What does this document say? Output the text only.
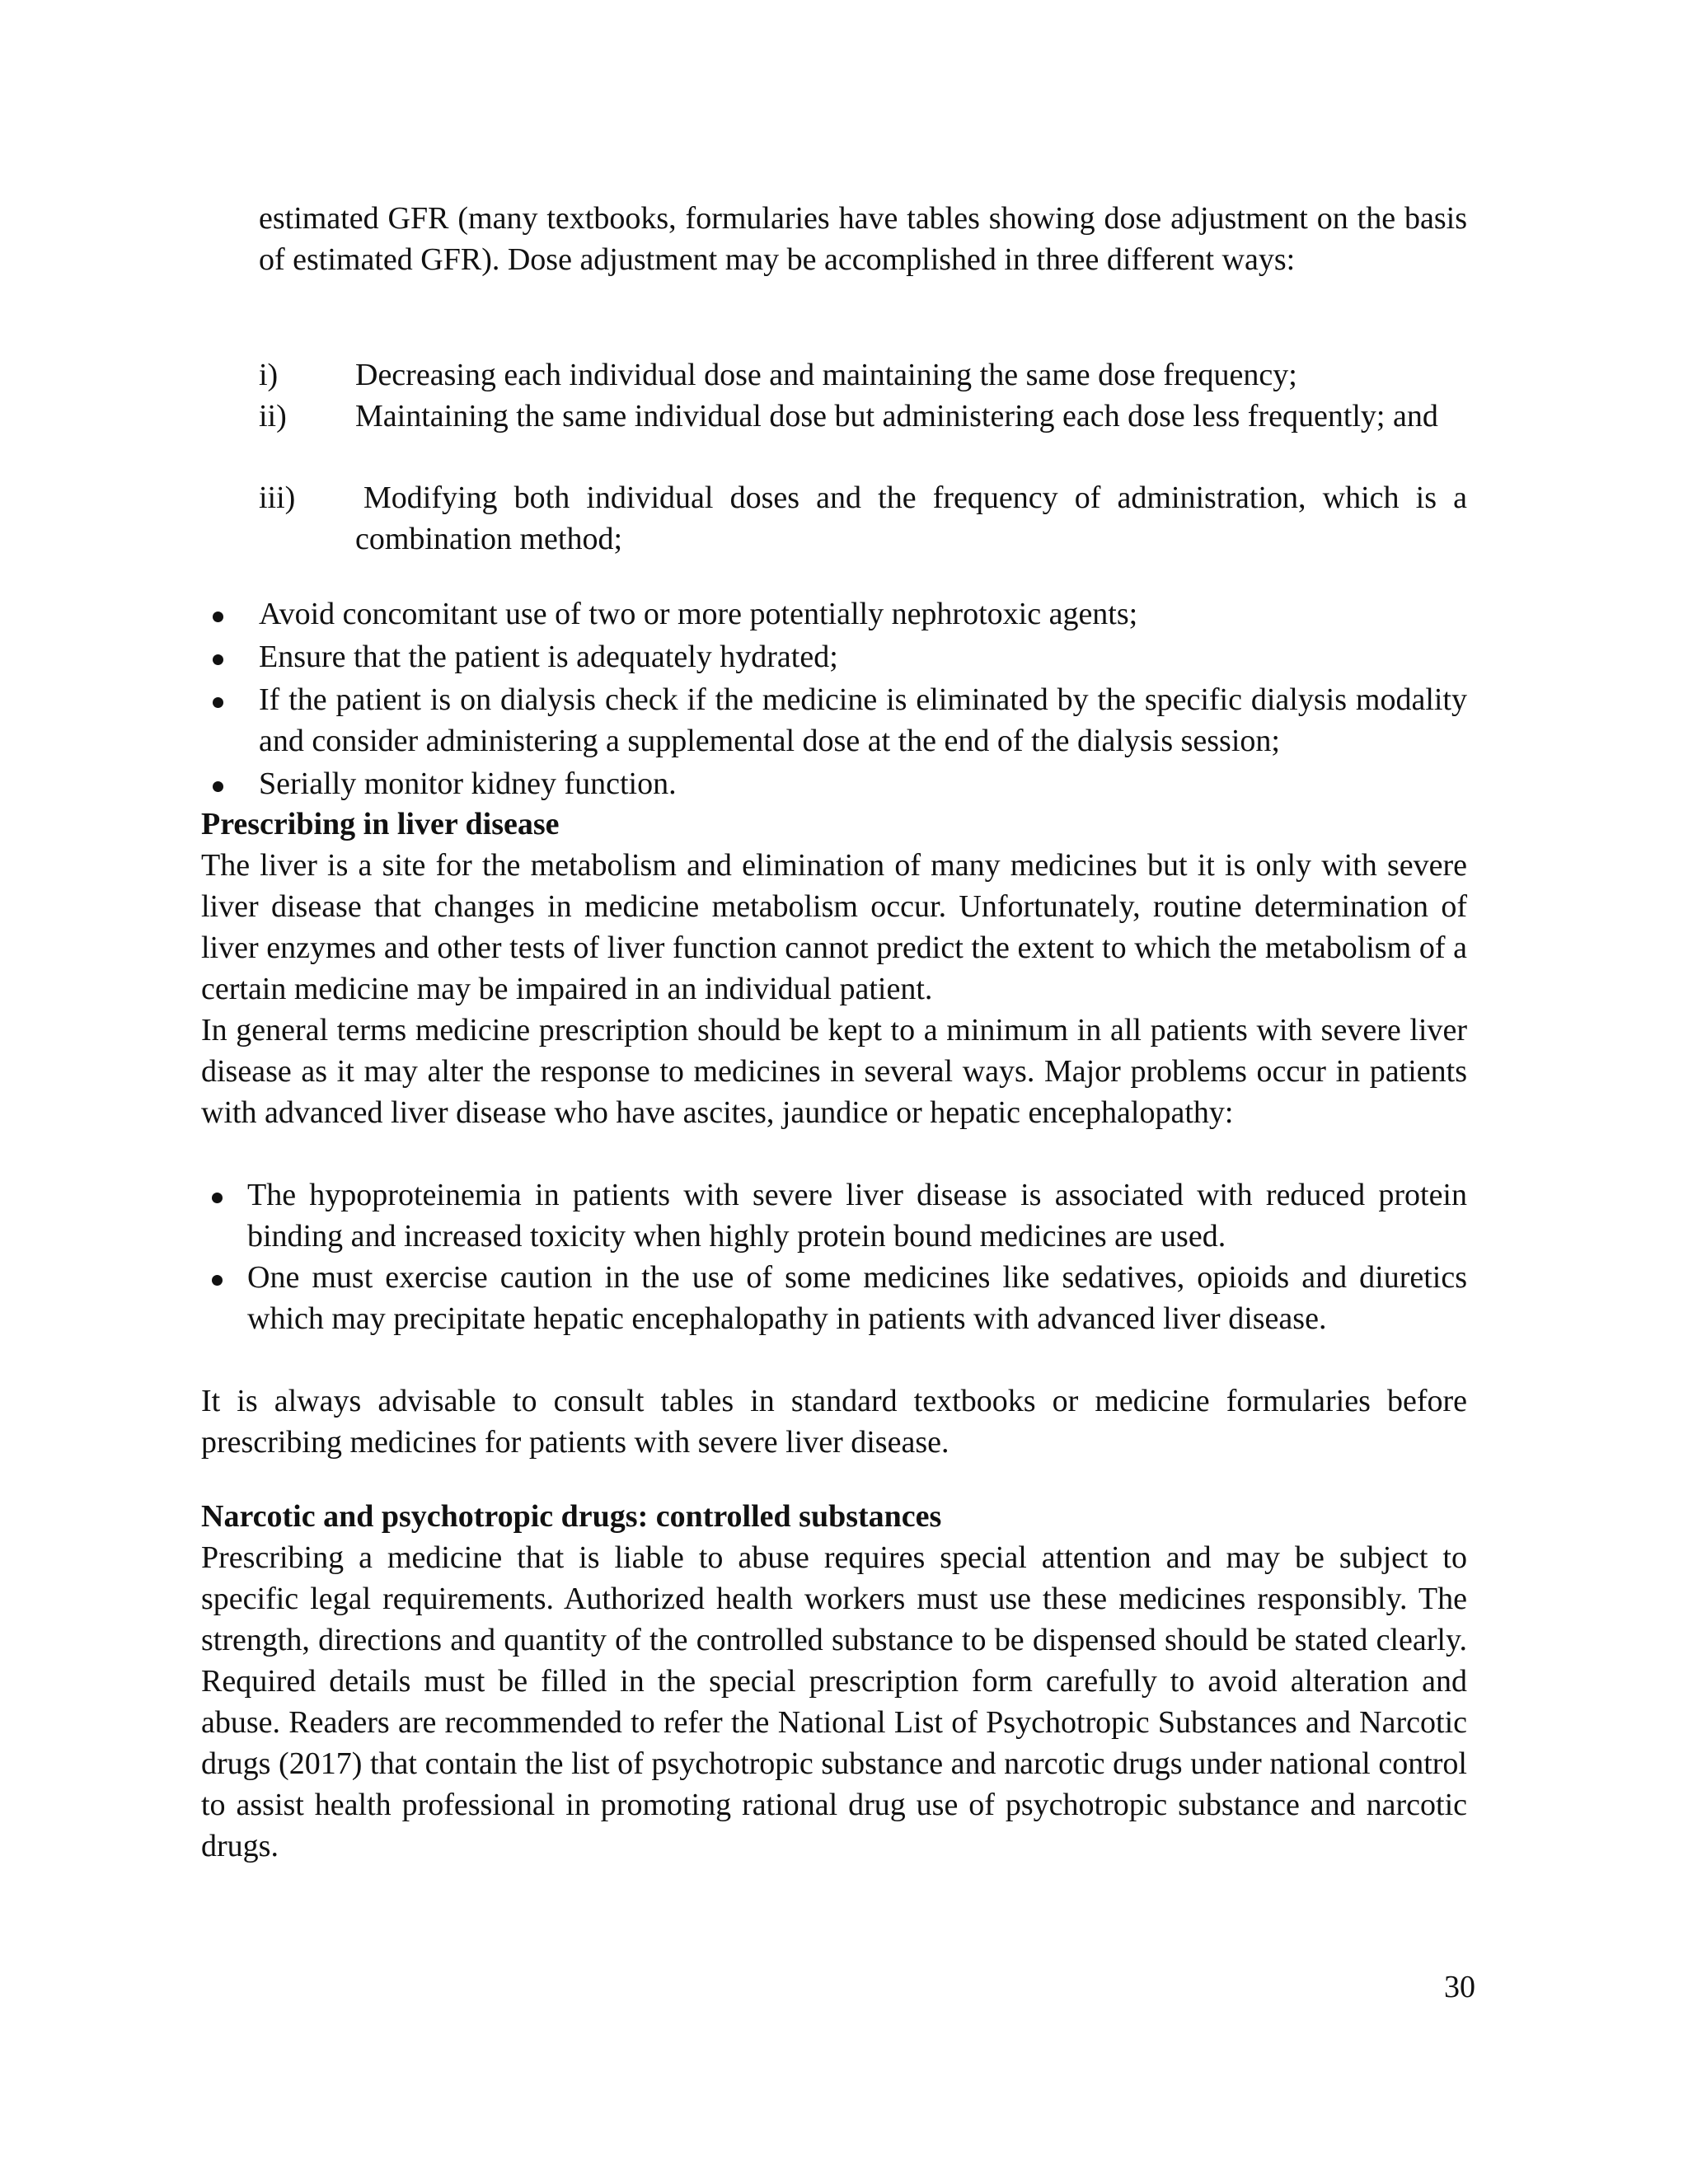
estimated GFR (many textbooks, formularies have tables showing dose adjustment on the basis of estimated GFR). Dose adjustment may be accomplished in three different ways:

i) Decreasing each individual dose and maintaining the same dose frequency;
ii) Maintaining the same individual dose but administering each dose less frequently; and
iii) Modifying both individual doses and the frequency of administration, which is a combination method;
Avoid concomitant use of two or more potentially nephrotoxic agents;
Ensure that the patient is adequately hydrated;
If the patient is on dialysis check if the medicine is eliminated by the specific dialysis modality and consider administering a supplemental dose at the end of the dialysis session;
Serially monitor kidney function.
Prescribing in liver disease

The liver is a site for the metabolism and elimination of many medicines but it is only with severe liver disease that changes in medicine metabolism occur. Unfortunately, routine determination of liver enzymes and other tests of liver function cannot predict the extent to which the metabolism of a certain medicine may be impaired in an individual patient.

In general terms medicine prescription should be kept to a minimum in all patients with severe liver disease as it may alter the response to medicines in several ways. Major problems occur in patients with advanced liver disease who have ascites, jaundice or hepatic encephalopathy:

The hypoproteinemia in patients with severe liver disease is associated with reduced protein binding and increased toxicity when highly protein bound medicines are used.
One must exercise caution in the use of some medicines like sedatives, opioids and diuretics which may precipitate hepatic encephalopathy in patients with advanced liver disease.

It is always advisable to consult tables in standard textbooks or medicine formularies before prescribing medicines for patients with severe liver disease.

Narcotic and psychotropic drugs: controlled substances

Prescribing a medicine that is liable to abuse requires special attention and may be subject to specific legal requirements. Authorized health workers must use these medicines responsibly. The strength, directions and quantity of the controlled substance to be dispensed should be stated clearly. Required details must be filled in the special prescription form carefully to avoid alteration and abuse. Readers are recommended to refer the National List of Psychotropic Substances and Narcotic drugs (2017) that contain the list of psychotropic substance and narcotic drugs under national control to assist health professional in promoting rational drug use of psychotropic substance and narcotic drugs.

30
